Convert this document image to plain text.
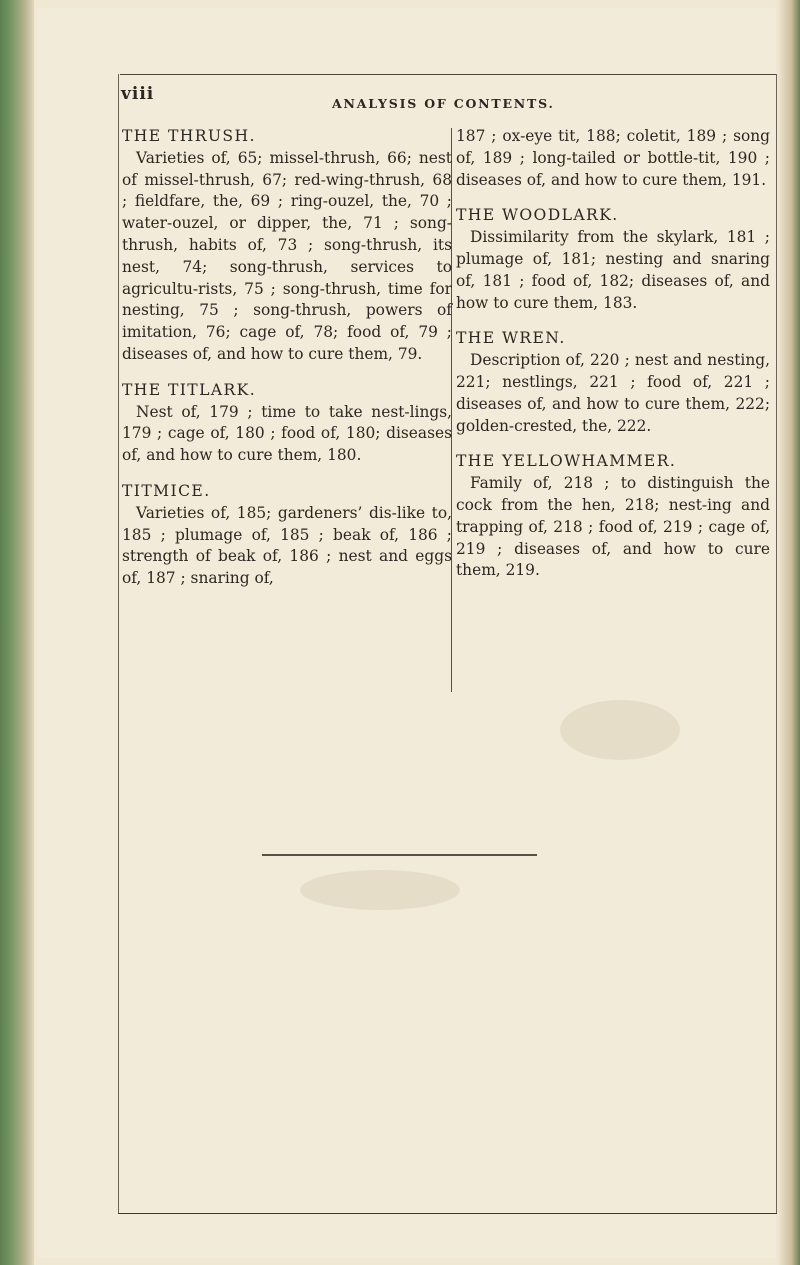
viii	ANALYSIS OF CONTENTS.

THE THRUSH.

Varieties of, 65; missel-thrush, 66; nest of missel-thrush, 67; red-wing-thrush, 68 ; fieldfare, the, 69 ; ring-ouzel, the, 70 ; water-ouzel, or dipper, the, 71 ; song-thrush, habits of, 73 ; song-thrush, its nest, 74; song-thrush, services to agricultu-rists, 75 ; song-thrush, time for nesting, 75 ; song-thrush, powers of imitation, 76; cage of, 78; food of, 79 ; diseases of, and how to cure them, 79.

THE TITLARK.

Nest of, 179 ; time to take nest-lings, 179 ; cage of, 180 ; food of, 180; diseases of, and how to cure them, 180.

TITMICE.

Varieties of, 185; gardeners’ dis-like to, 185 ; plumage of, 185 ; beak of, 186 ; strength of beak of, 186 ; nest and eggs of, 187 ; snaring of,

187 ; ox-eye tit, 188; coletit, 189 ; song of, 189 ; long-tailed or bottle-tit, 190 ; diseases of, and how to cure them, 191.

THE WOODLARK.

Dissimilarity from the skylark, 181 ; plumage of, 181; nesting and snaring of, 181 ; food of, 182; diseases of, and how to cure them, 183.

THE WREN.

Description of, 220 ; nest and nesting, 221; nestlings, 221 ; food of, 221 ; diseases of, and how to cure them, 222; golden-crested, the, 222.

THE YELLOWHAMMER.

Family of, 218 ; to distinguish the cock from the hen, 218; nest-ing and trapping of, 218 ; food of, 219 ; cage of, 219 ; diseases of, and how to cure them, 219.
